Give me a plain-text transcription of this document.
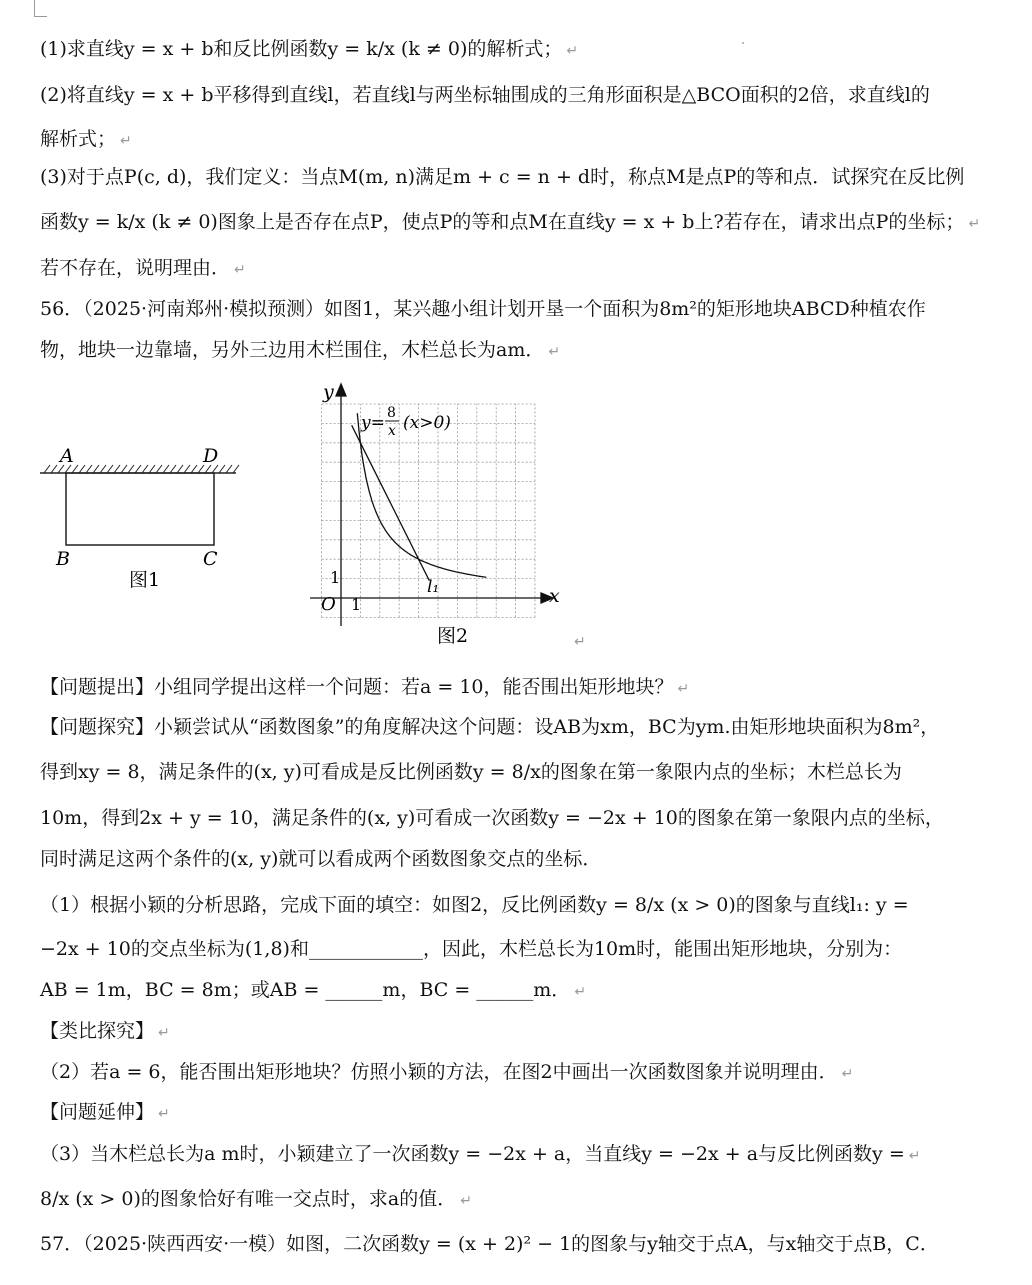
(1)求直线y = x + b和反比例函数y = k/x (k ≠ 0)的解析式； ↵
(2)将直线y = x + b平移得到直线l，若直线l与两坐标轴围成的三角形面积是△BCO面积的2倍，求直线l的
解析式； ↵
(3)对于点P(c, d)，我们定义：当点M(m, n)满足m + c = n + d时，称点M是点P的等和点．试探究在反比例
函数y = k/x (k ≠ 0)图象上是否存在点P，使点P的等和点M在直线y = x + b上?若存在，请求出点P的坐标； ↵
若不存在，说明理由． ↵
56．（2025·河南郑州·模拟预测）如图1，某兴趣小组计划开垦一个面积为8m²的矩形地块ABCD种植农作
物，地块一边靠墙，另外三边用木栏围住，木栏总长为am． ↵
【问题提出】小组同学提出这样一个问题：若a = 10，能否围出矩形地块？ ↵
【问题探究】小颖尝试从“函数图象”的角度解决这个问题：设AB为xm，BC为ym.由矩形地块面积为8m²，
得到xy = 8，满足条件的(x, y)可看成是反比例函数y = 8/x的图象在第一象限内点的坐标；木栏总长为
10m，得到2x + y = 10，满足条件的(x, y)可看成一次函数y = −2x + 10的图象在第一象限内点的坐标，
同时满足这两个条件的(x, y)就可以看成两个函数图象交点的坐标．
（1）根据小颖的分析思路，完成下面的填空：如图2，反比例函数y = 8/x (x > 0)的图象与直线l₁: y =
−2x + 10的交点坐标为(1,8)和____________，因此，木栏总长为10m时，能围出矩形地块，分别为：
AB = 1m，BC = 8m；或AB = ______m，BC = ______m． ↵
【类比探究】 ↵
（2）若a = 6，能否围出矩形地块？仿照小颖的方法，在图2中画出一次函数图象并说明理由． ↵
【问题延伸】 ↵
（3）当木栏总长为a m时，小颖建立了一次函数y = −2x + a，当直线y = −2x + a与反比例函数y = ↵
8/x (x > 0)的图象恰好有唯一交点时，求a的值． ↵
57．（2025·陕西西安·一模）如图，二次函数y = (x + 2)² − 1的图象与y轴交于点A，与x轴交于点B，C．
A	D
B	C
图1
y
x
O 1
1
y= 8
x (x>0)
l₁
图2	↵
